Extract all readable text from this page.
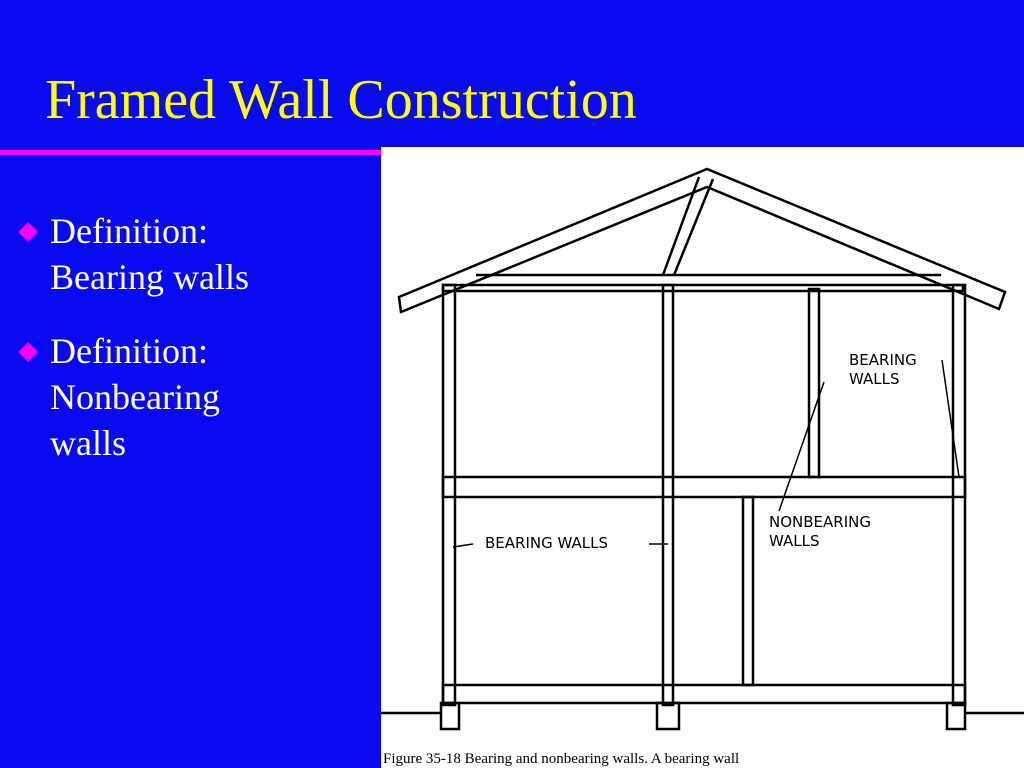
Framed Wall Construction
Definition:
Bearing walls
Definition:
Nonbearing
walls
BEARING WALLS
BEARING WALLS
NONBEARING WALLS
Figure 35-18 Bearing and nonbearing walls. A bearing wall
